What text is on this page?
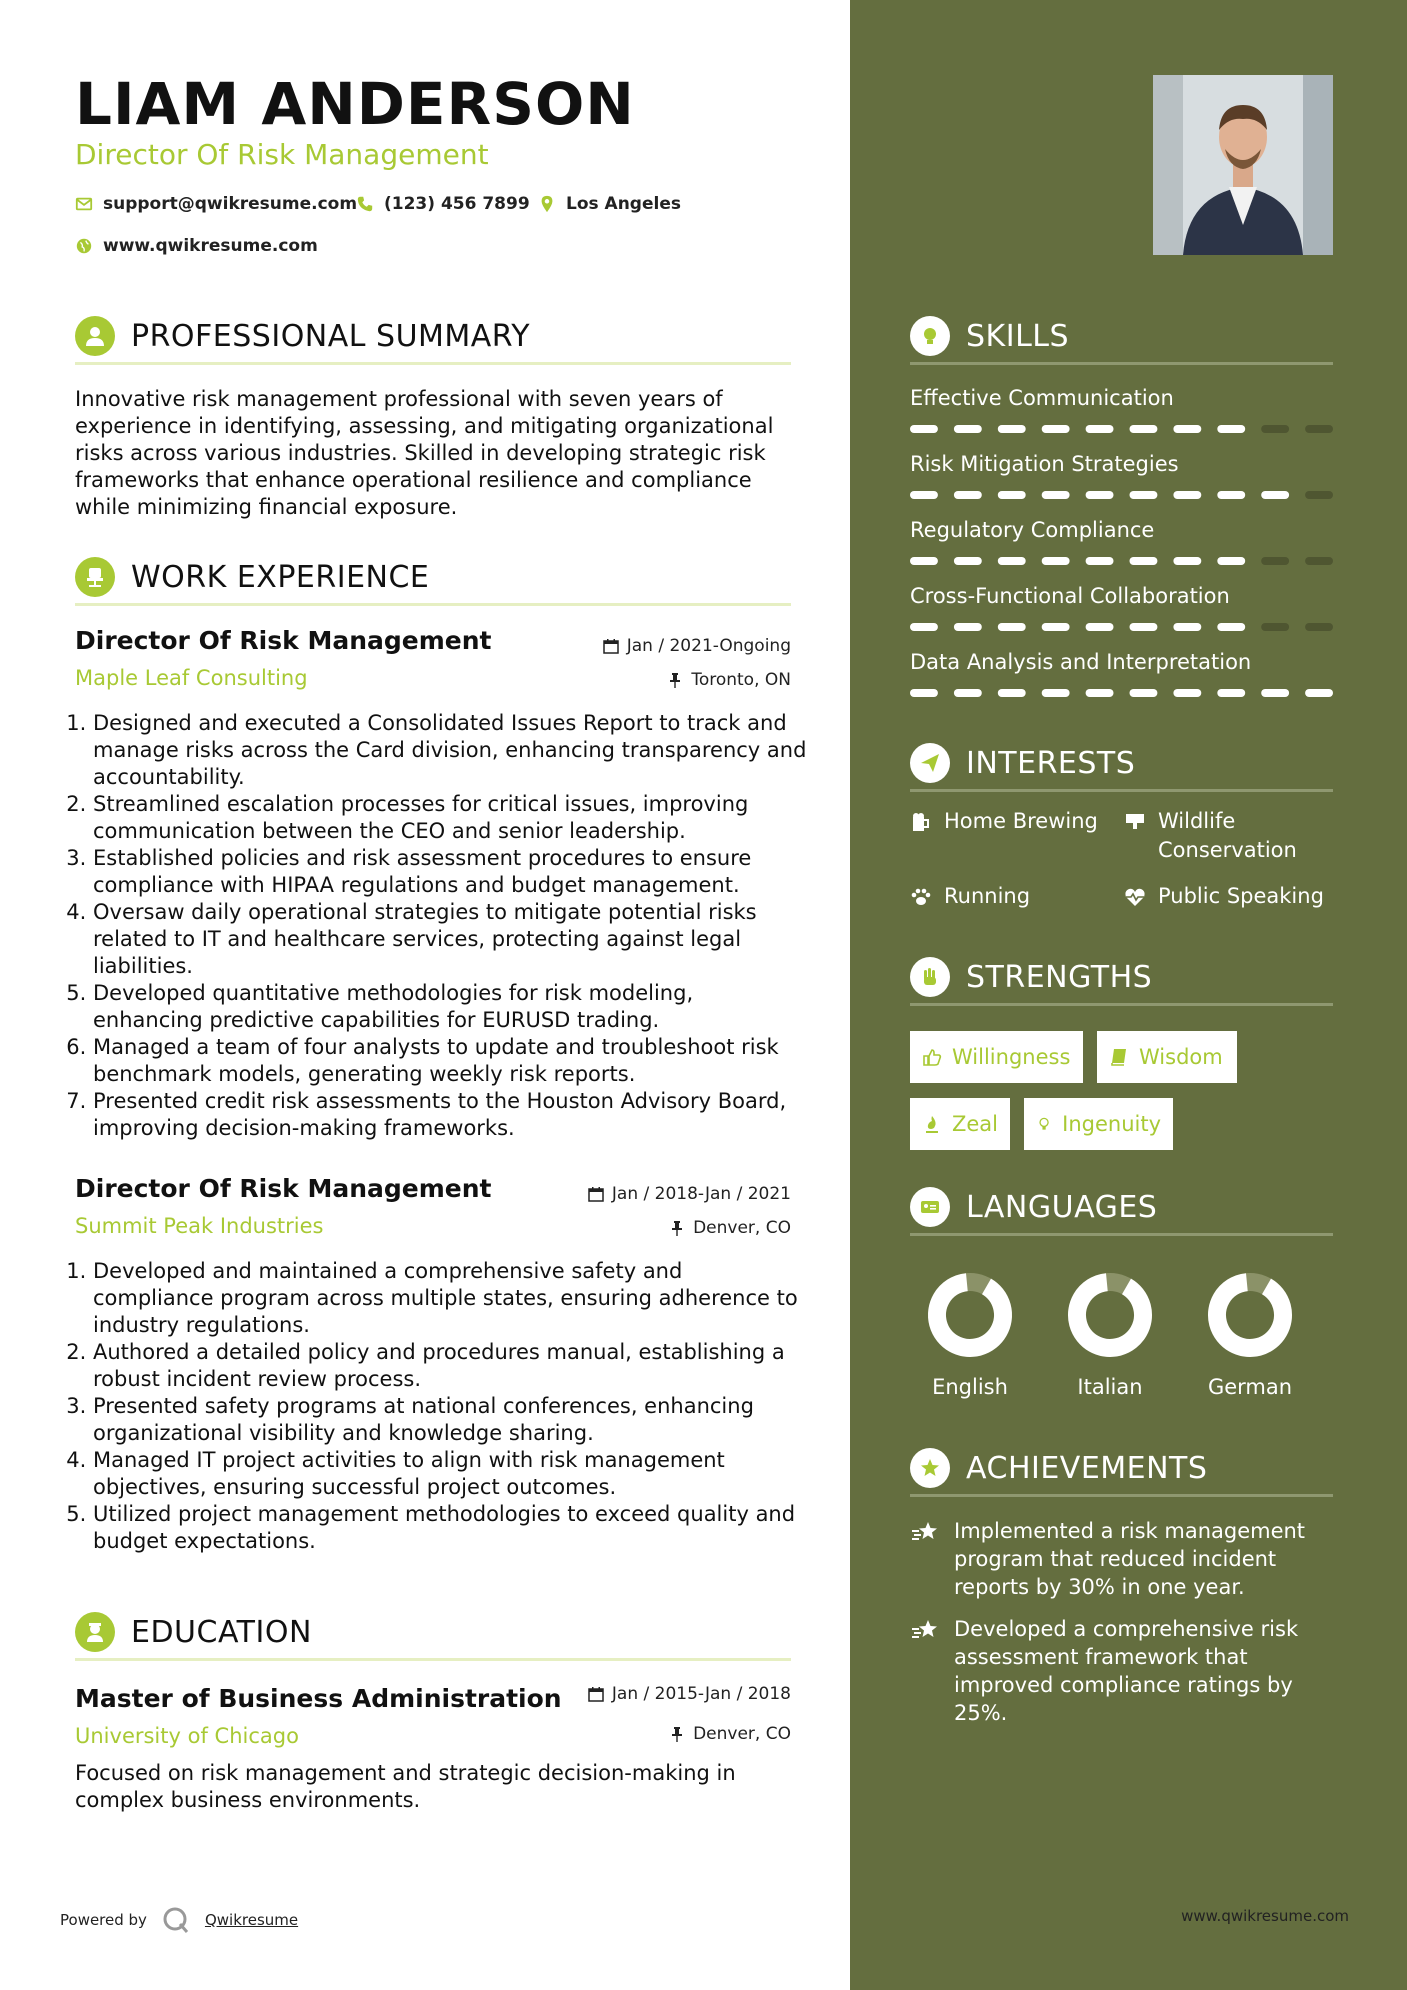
LIAM ANDERSON

Director Of Risk Management

support@qwikresume.com (123) 456 7899 Los Angeles
www.qwikresume.com
PROFESSIONAL SUMMARY

Innovative risk management professional with seven years of experience in identifying, assessing, and mitigating organizational risks across various industries. Skilled in developing strategic risk frameworks that enhance operational resilience and compliance while minimizing financial exposure.

WORK EXPERIENCE
Director Of Risk Management

Maple Leaf Consulting

Jan / 2021-Ongoing
Toronto, ON
1. Designed and executed a Consolidated Issues Report to track and manage risks across the Card division, enhancing transparency and accountability.
2. Streamlined escalation processes for critical issues, improving communication between the CEO and senior leadership.
3. Established policies and risk assessment procedures to ensure compliance with HIPAA regulations and budget management.
4. Oversaw daily operational strategies to mitigate potential risks related to IT and healthcare services, protecting against legal liabilities.
5. Developed quantitative methodologies for risk modeling, enhancing predictive capabilities for EURUSD trading.
6. Managed a team of four analysts to update and troubleshoot risk benchmark models, generating weekly risk reports.
7. Presented credit risk assessments to the Houston Advisory Board, improving decision-making frameworks.
Director Of Risk Management

Summit Peak Industries

Jan / 2018-Jan / 2021
Denver, CO
1. Developed and maintained a comprehensive safety and compliance program across multiple states, ensuring adherence to industry regulations.
2. Authored a detailed policy and procedures manual, establishing a robust incident review process.
3. Presented safety programs at national conferences, enhancing organizational visibility and knowledge sharing.
4. Managed IT project activities to align with risk management objectives, ensuring successful project outcomes.
5. Utilized project management methodologies to exceed quality and budget expectations.
EDUCATION
Master of Business Administration

University of Chicago

Jan / 2015-Jan / 2018
Denver, CO

Focused on risk management and strategic decision-making in complex business environments.

Powered by	Qwikresume
SKILLS

Effective Communication

Risk Mitigation Strategies

Regulatory Compliance

Cross-Functional Collaboration

Data Analysis and Interpretation

INTERESTS
Home Brewing	Wildlife Conservation
Running	Public Speaking
STRENGTHS
Willingness	Wisdom
Zeal	Ingenuity
LANGUAGES
English	Italian	German
ACHIEVEMENTS
Implemented a risk management program that reduced incident reports by 30% in one year.
Developed a comprehensive risk assessment framework that improved compliance ratings by 25%.
www.qwikresume.com
